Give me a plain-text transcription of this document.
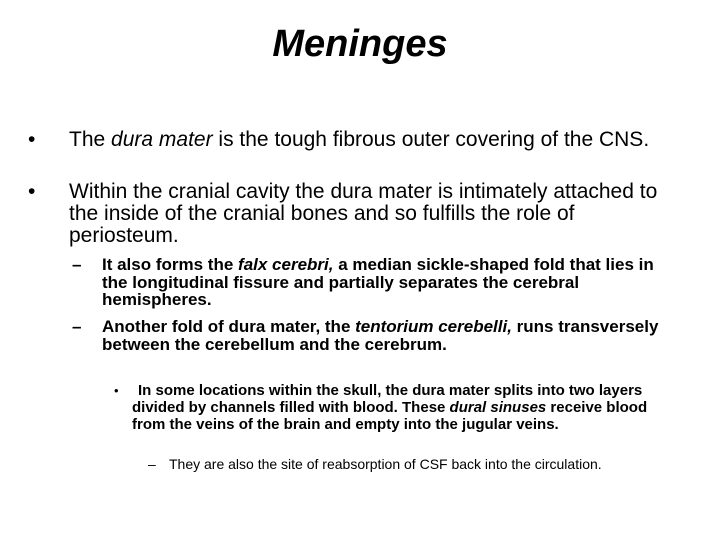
Meninges
•	The dura mater is the tough fibrous outer covering of the CNS.
•	Within the cranial cavity the dura mater is intimately attached to the inside of the cranial bones and so fulfills the role of periosteum.
– It also forms the falx cerebri, a median sickle-shaped fold that lies in the longitudinal fissure and partially separates the cerebral hemispheres.
– Another fold of dura mater, the tentorium cerebelli, runs transversely between the cerebellum and the cerebrum.
•	In some locations within the skull, the dura mater splits into two layers divided by channels filled with blood. These dural sinuses receive blood from the veins of the brain and empty into the jugular veins.
– They are also the site of reabsorption of CSF back into the circulation.
